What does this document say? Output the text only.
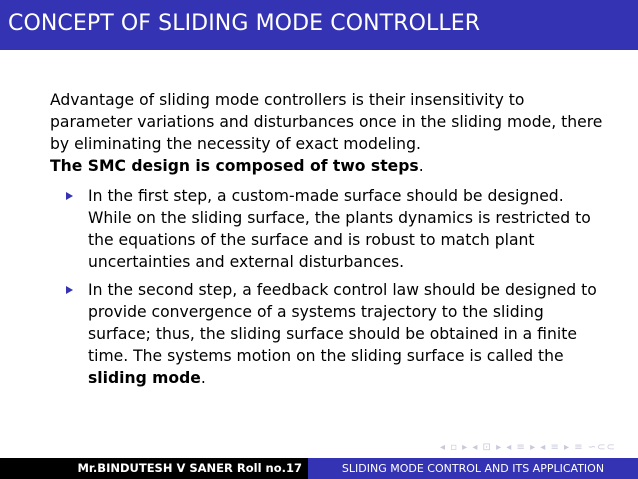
CONCEPT OF SLIDING MODE CONTROLLER

Advantage of sliding mode controllers is their insensitivity to parameter variations and disturbances once in the sliding mode, there by eliminating the necessity of exact modeling.

The SMC design is composed of two steps.

In the first step, a custom-made surface should be designed. While on the sliding surface, the plants dynamics is restricted to the equations of the surface and is robust to match plant uncertainties and external disturbances.
In the second step, a feedback control law should be designed to provide convergence of a systems trajectory to the sliding surface; thus, the sliding surface should be obtained in a finite time. The systems motion on the sliding surface is called the sliding mode.
◂ ▫ ▸ ◂ ⊡ ▸ ◂ ≡ ▸ ◂ ≡ ▸ ≡ ∽⊂⊂
Mr.BINDUTESH V SANER Roll no.17	SLIDING MODE CONTROL AND ITS APPLICATION
